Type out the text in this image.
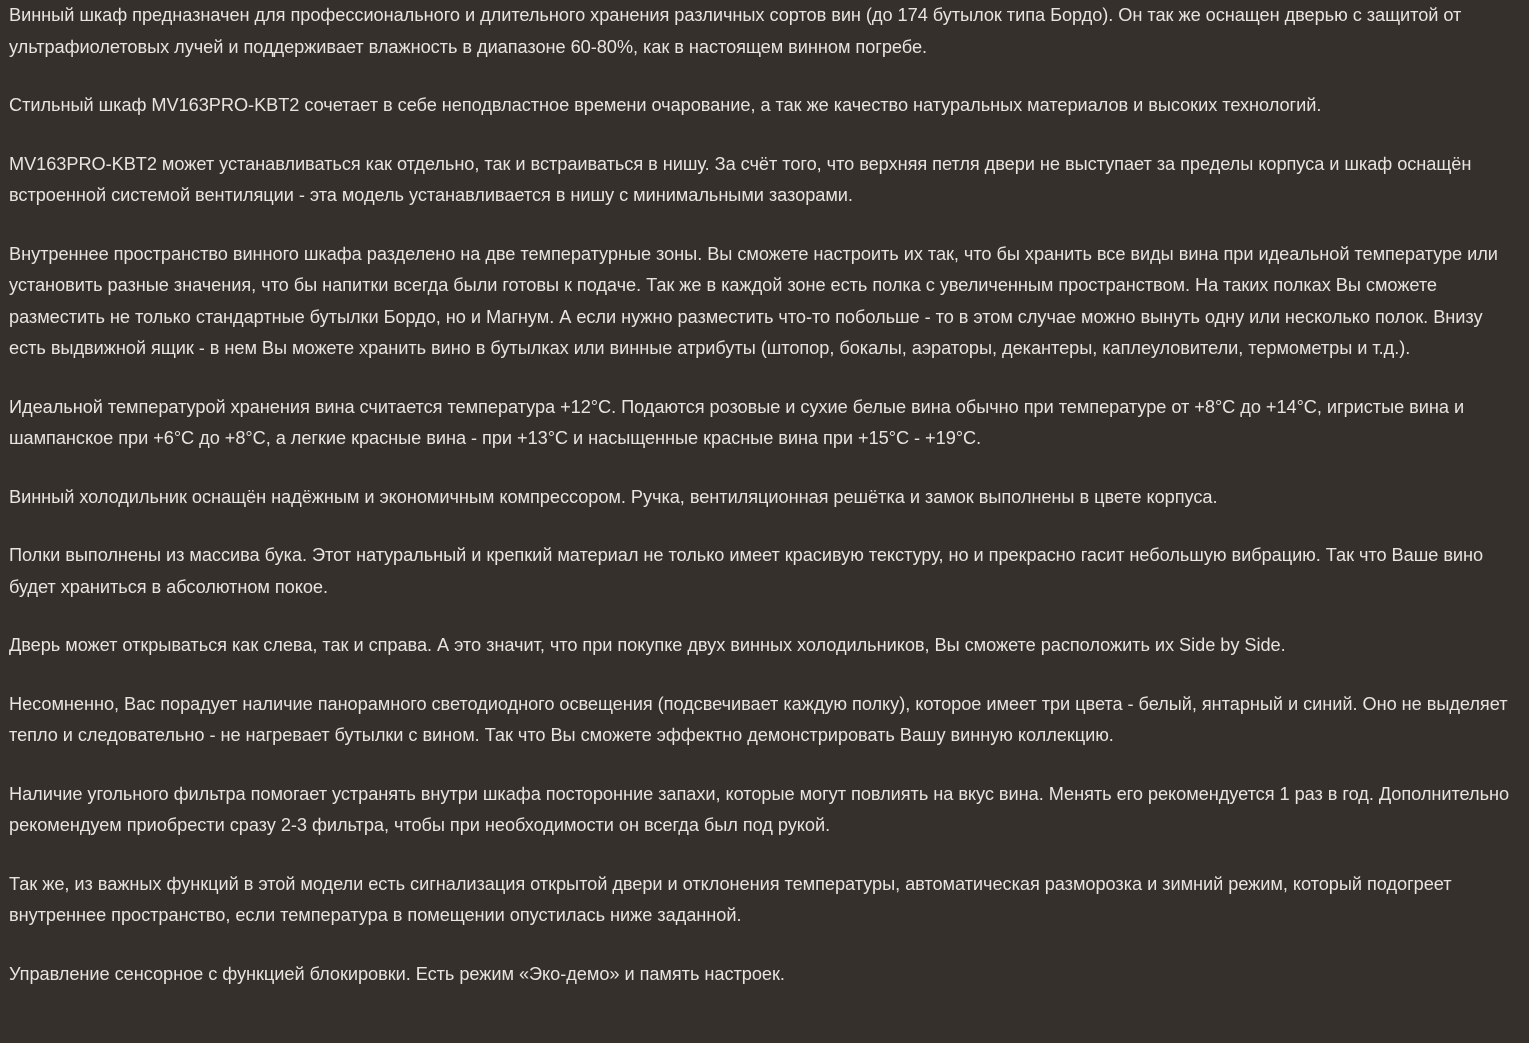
Винный шкаф предназначен для профессионального и длительного хранения различных сортов вин (до 174 бутылок типа Бордо). Он так же оснащен дверью с защитой от ультрафиолетовых лучей и поддерживает влажность в диапазоне 60-80%, как в настоящем винном погребе.

Стильный шкаф MV163PRO-KBT2 сочетает в себе неподвластное времени очарование, а так же качество натуральных материалов и высоких технологий.

MV163PRO-KBT2 может устанавливаться как отдельно, так и встраиваться в нишу. За счёт того, что верхняя петля двери не выступает за пределы корпуса и шкаф оснащён встроенной системой вентиляции - эта модель устанавливается в нишу с минимальными зазорами.

Внутреннее пространство винного шкафа разделено на две температурные зоны. Вы сможете настроить их так, что бы хранить все виды вина при идеальной температуре или установить разные значения, что бы напитки всегда были готовы к подаче. Так же в каждой зоне есть полка с увеличенным пространством. На таких полках Вы сможете разместить не только стандартные бутылки Бордо, но и Магнум. А если нужно разместить что-то побольше - то в этом случае можно вынуть одну или несколько полок. Внизу есть выдвижной ящик - в нем Вы можете хранить вино в бутылках или винные атрибуты (штопор, бокалы, аэраторы, декантеры, каплеуловители, термометры и т.д.).

Идеальной температурой хранения вина считается температура +12°С. Подаются розовые и сухие белые вина обычно при температуре от +8°С до +14°С, игристые вина и шампанское при +6°С до +8°С, а легкие красные вина - при +13°С и насыщенные красные вина при +15°С - +19°С.

Винный холодильник оснащён надёжным и экономичным компрессором. Ручка, вентиляционная решётка и замок выполнены в цвете корпуса.

Полки выполнены из массива бука. Этот натуральный и крепкий материал не только имеет красивую текстуру, но и прекрасно гасит небольшую вибрацию. Так что Ваше вино будет храниться в абсолютном покое.

Дверь может открываться как слева, так и справа. А это значит, что при покупке двух винных холодильников, Вы сможете расположить их Side by Side.

Несомненно, Вас порадует наличие панорамного светодиодного освещения (подсвечивает каждую полку), которое имеет три цвета - белый, янтарный и синий. Оно не выделяет тепло и следовательно - не нагревает бутылки с вином. Так что Вы сможете эффектно демонстрировать Вашу винную коллекцию.

Наличие угольного фильтра помогает устранять внутри шкафа посторонние запахи, которые могут повлиять на вкус вина. Менять его рекомендуется 1 раз в год. Дополнительно рекомендуем приобрести сразу 2-3 фильтра, чтобы при необходимости он всегда был под рукой.

Так же, из важных функций в этой модели есть сигнализация открытой двери и отклонения температуры, автоматическая разморозка и зимний режим, который подогреет внутреннее пространство, если температура в помещении опустилась ниже заданной.

Управление сенсорное с функцией блокировки. Есть режим «Эко-демо» и память настроек.
